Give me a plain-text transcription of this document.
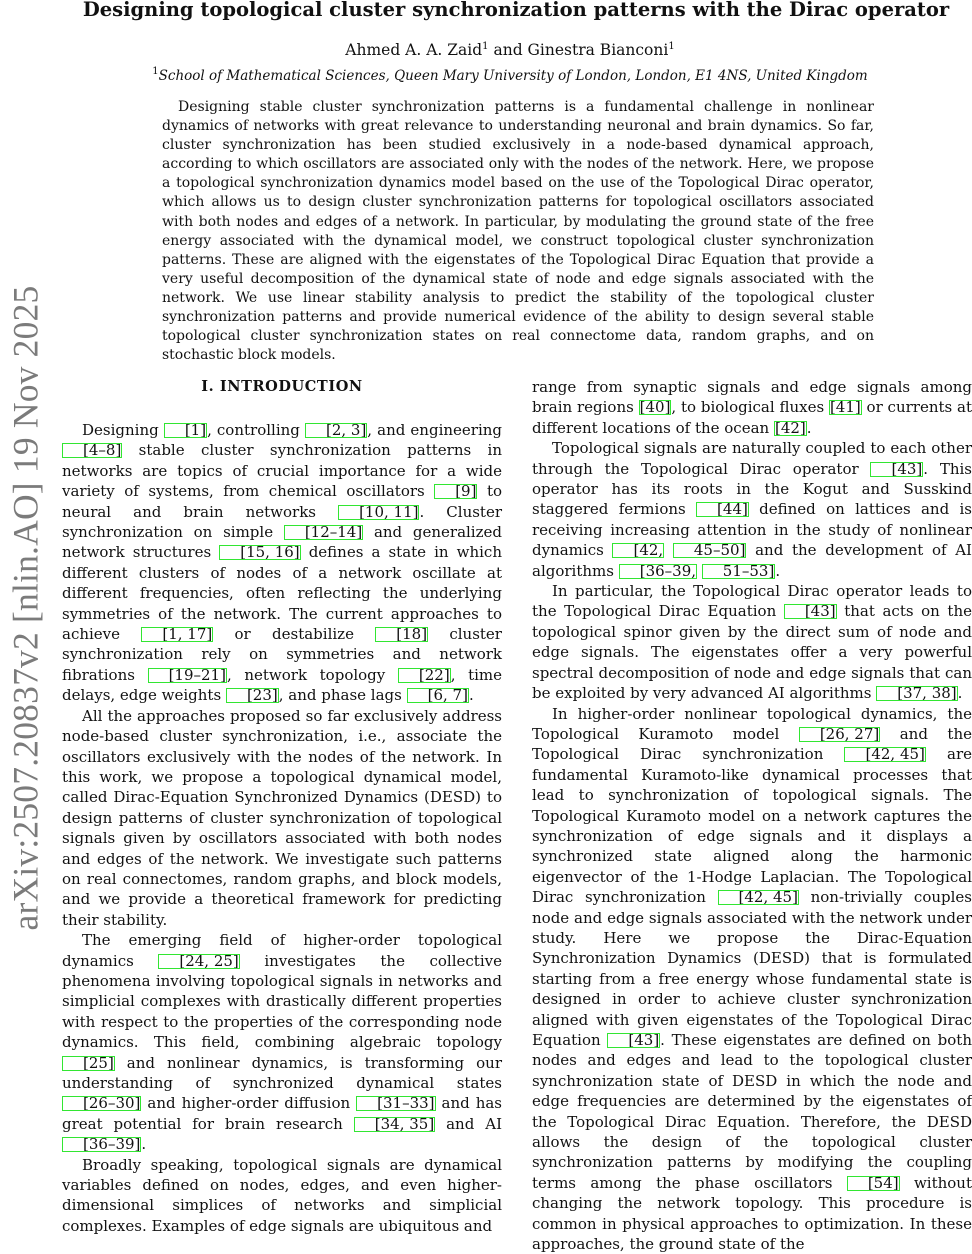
arXiv:2507.20837v2 [nlin.AO] 19 Nov 2025
Designing topological cluster synchronization patterns with the Dirac operator
Ahmed A. A. Zaid$^1$ and Ginestra Bianconi$^1$
$^1$School of Mathematical Sciences, Queen Mary University of London, London, E1 4NS, United Kingdom

Designing stable cluster synchronization patterns is a fundamental challenge in nonlinear dynamics of networks with great relevance to understanding neuronal and brain dynamics. So far, cluster synchronization has been studied exclusively in a node-based dynamical approach, according to which oscillators are associated only with the nodes of the network. Here, we propose a topological synchronization dynamics model based on the use of the Topological Dirac operator, which allows us to design cluster synchronization patterns for topological oscillators associated with both nodes and edges of a network. In particular, by modulating the ground state of the free energy associated with the dynamical model, we construct topological cluster synchronization patterns. These are aligned with the eigenstates of the Topological Dirac Equation that provide a very useful decomposition of the dynamical state of node and edge signals associated with the network. We use linear stability analysis to predict the stability of the topological cluster synchronization patterns and provide numerical evidence of the ability to design several stable topological cluster synchronization states on real connectome data, random graphs, and on stochastic block models.

I. INTRODUCTION

Designing [1], controlling [2, 3], and engineering [4–8] stable cluster synchronization patterns in networks are topics of crucial importance for a wide variety of systems, from chemical oscillators [9] to neural and brain networks [10, 11]. Cluster synchronization on simple [12–14] and generalized network structures [15, 16] defines a state in which different clusters of nodes of a network oscillate at different frequencies, often reflecting the underlying symmetries of the network. The current approaches to achieve [1, 17] or destabilize [18] cluster synchronization rely on symmetries and network fibrations [19–21], network topology [22], time delays, edge weights [23], and phase lags [6, 7].

All the approaches proposed so far exclusively address node-based cluster synchronization, i.e., associate the oscillators exclusively with the nodes of the network. In this work, we propose a topological dynamical model, called Dirac-Equation Synchronized Dynamics (DESD) to design patterns of cluster synchronization of topological signals given by oscillators associated with both nodes and edges of the network. We investigate such patterns on real connectomes, random graphs, and block models, and we provide a theoretical framework for predicting their stability.

The emerging field of higher-order topological dynamics [24, 25] investigates the collective phenomena involving topological signals in networks and simplicial complexes with drastically different properties with respect to the properties of the corresponding node dynamics. This field, combining algebraic topology [25] and nonlinear dynamics, is transforming our understanding of synchronized dynamical states [26–30] and higher-order diffusion [31–33] and has great potential for brain research [34, 35] and AI [36–39].

Broadly speaking, topological signals are dynamical variables defined on nodes, edges, and even higher-dimensional simplices of networks and simplicial complexes. Examples of edge signals are ubiquitous and

range from synaptic signals and edge signals among brain regions [40], to biological fluxes [41] or currents at different locations of the ocean [42].

Topological signals are naturally coupled to each other through the Topological Dirac operator [43]. This operator has its roots in the Kogut and Susskind staggered fermions [44] defined on lattices and is receiving increasing attention in the study of nonlinear dynamics [42, 45–50] and the development of AI algorithms [36–39, 51–53].

In particular, the Topological Dirac operator leads to the Topological Dirac Equation [43] that acts on the topological spinor given by the direct sum of node and edge signals. The eigenstates offer a very powerful spectral decomposition of node and edge signals that can be exploited by very advanced AI algorithms [37, 38].

In higher-order nonlinear topological dynamics, the Topological Kuramoto model [26, 27] and the Topological Dirac synchronization [42, 45] are fundamental Kuramoto-like dynamical processes that lead to synchronization of topological signals. The Topological Kuramoto model on a network captures the synchronization of edge signals and it displays a synchronized state aligned along the harmonic eigenvector of the 1-Hodge Laplacian. The Topological Dirac synchronization [42, 45] non-trivially couples node and edge signals associated with the network under study. Here we propose the Dirac-Equation Synchronization Dynamics (DESD) that is formulated starting from a free energy whose fundamental state is designed in order to achieve cluster synchronization aligned with given eigenstates of the Topological Dirac Equation [43]. These eigenstates are defined on both nodes and edges and lead to the topological cluster synchronization state of DESD in which the node and edge frequencies are determined by the eigenstates of the Topological Dirac Equation. Therefore, the DESD allows the design of the topological cluster synchronization patterns by modifying the coupling terms among the phase oscillators [54] without changing the network topology. This procedure is common in physical approaches to optimization. In these approaches, the ground state of the
